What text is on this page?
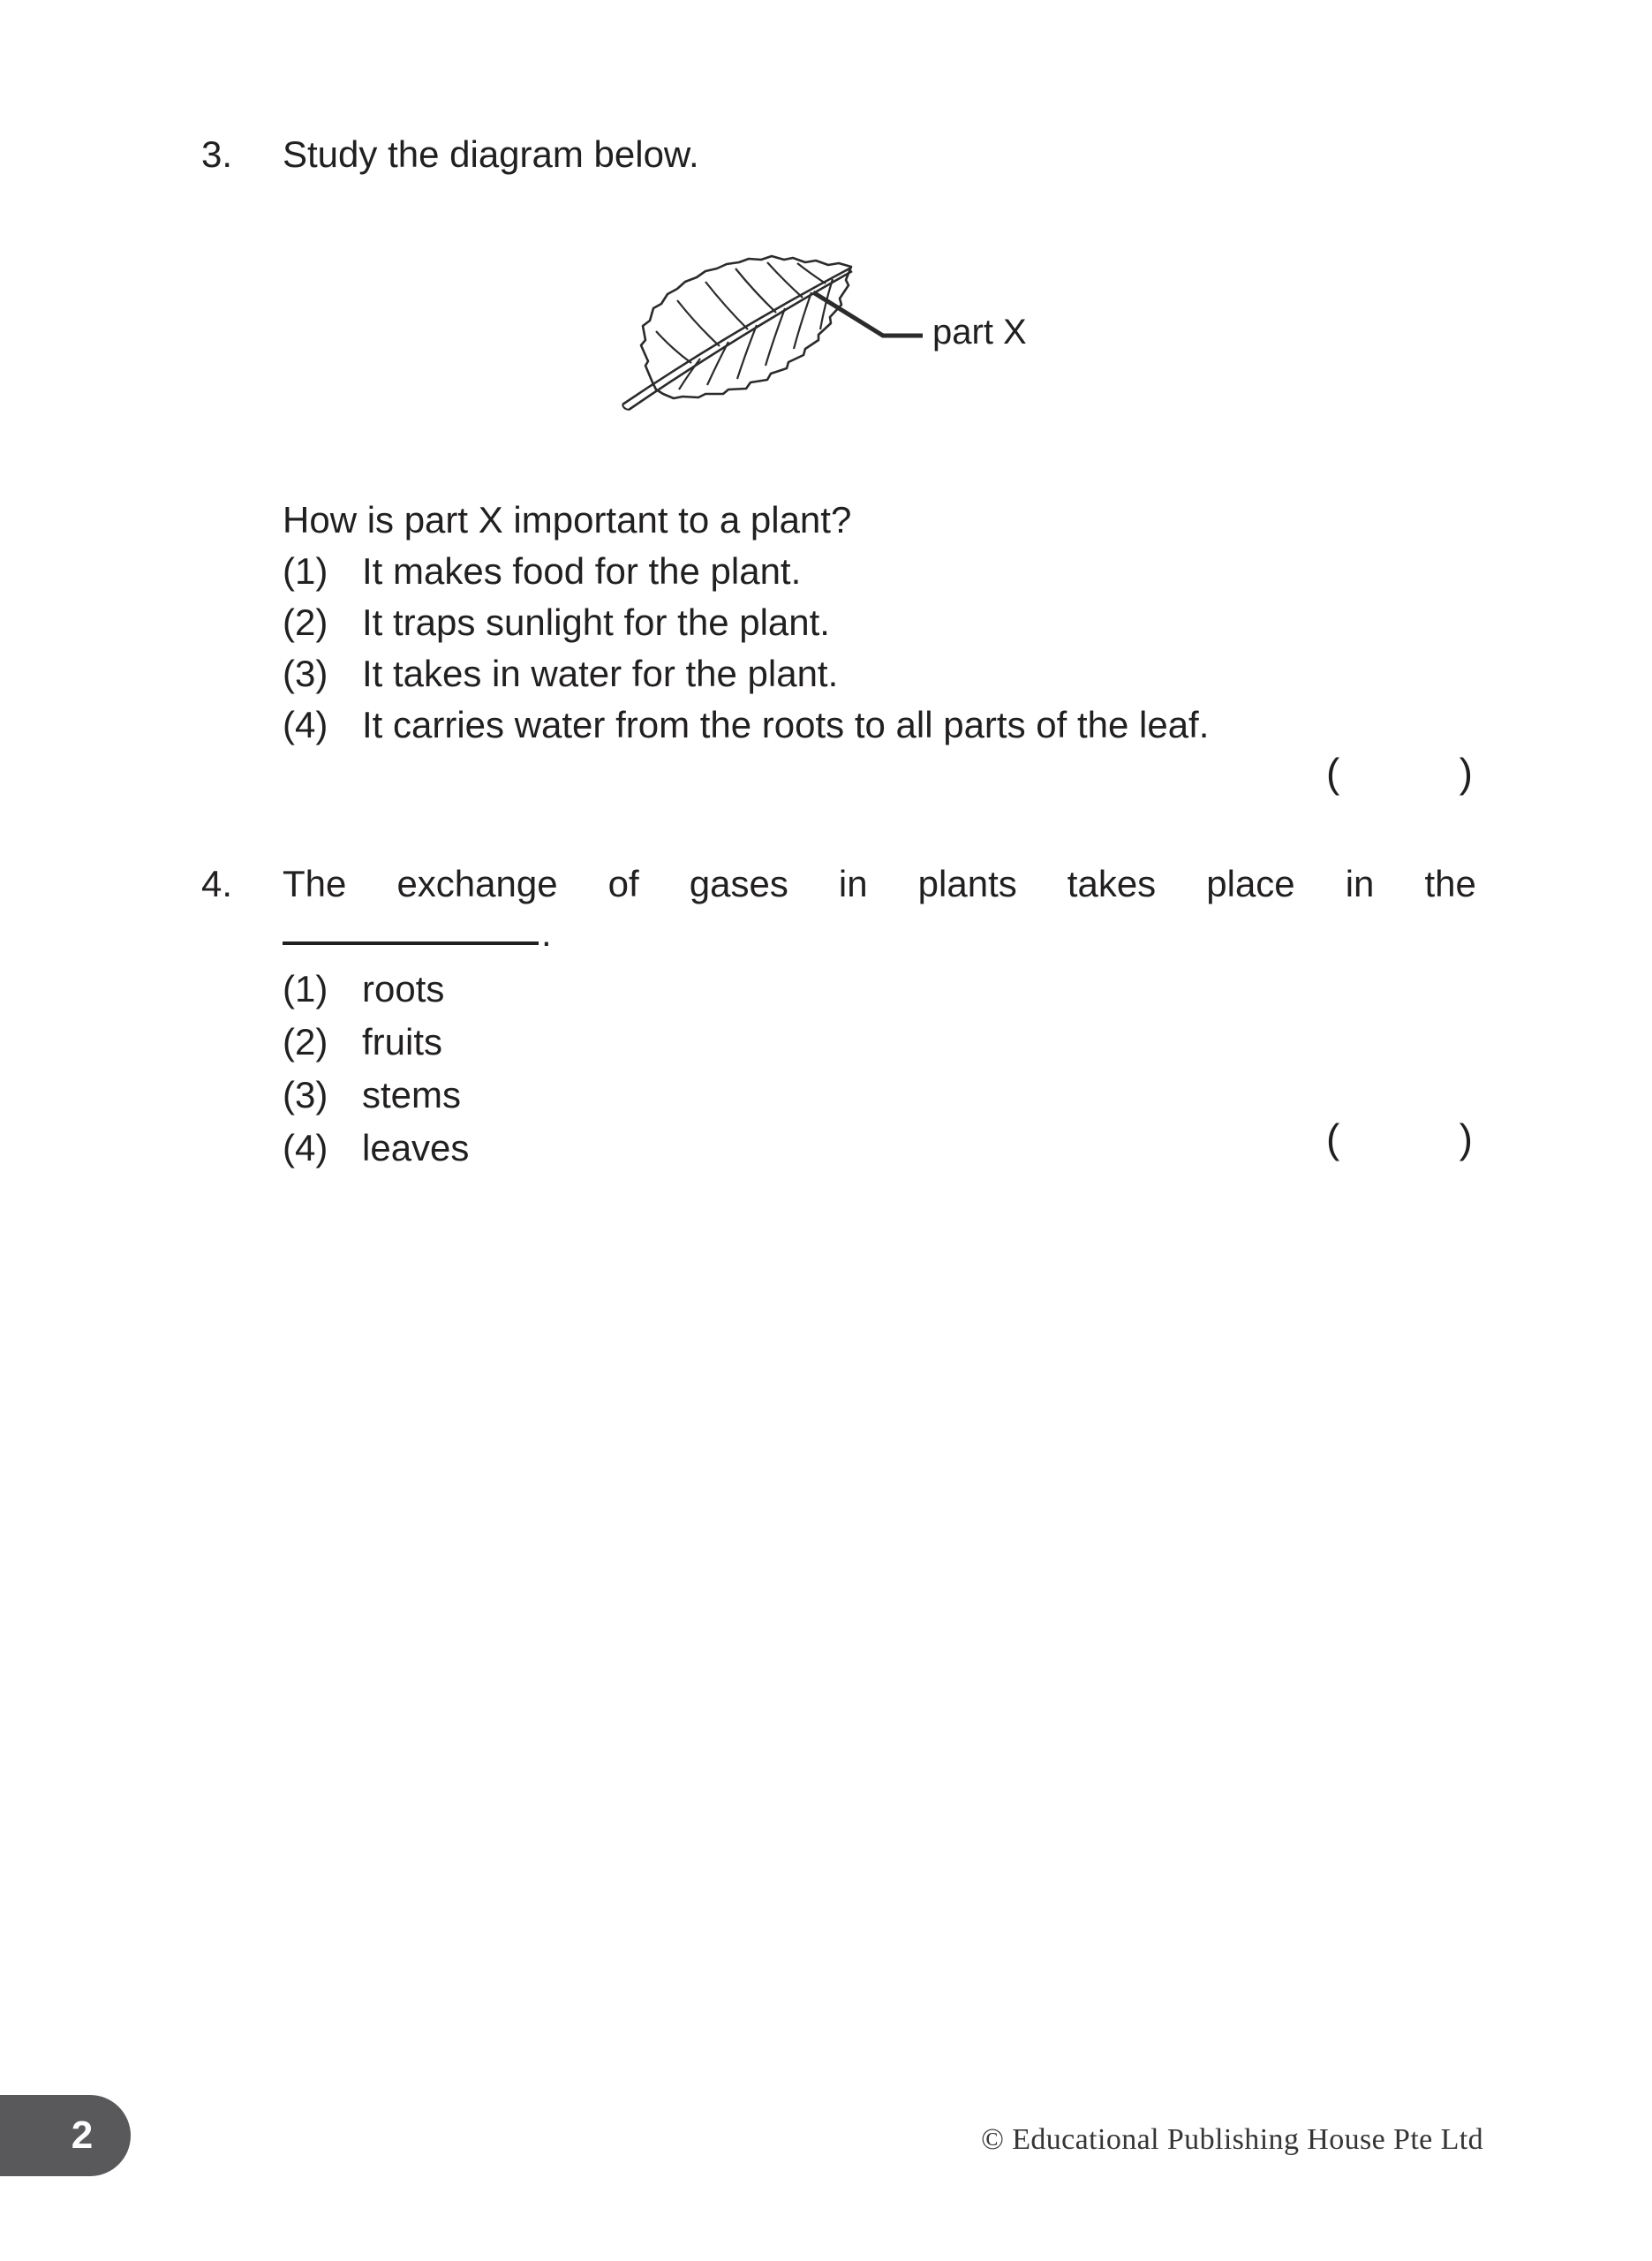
3.	Study the diagram below.
part X
How is part X important to a plant?
(1) It makes food for the plant.
(2) It traps sunlight for the plant.
(3) It takes in water for the plant.
(4) It carries water from the roots to all parts of the leaf.
(	)
4.	The exchange of gases in plants takes place in the
.
(1) roots
(2) fruits
(3) stems
(4) leaves	(	)
2	© Educational Publishing House Pte Ltd
